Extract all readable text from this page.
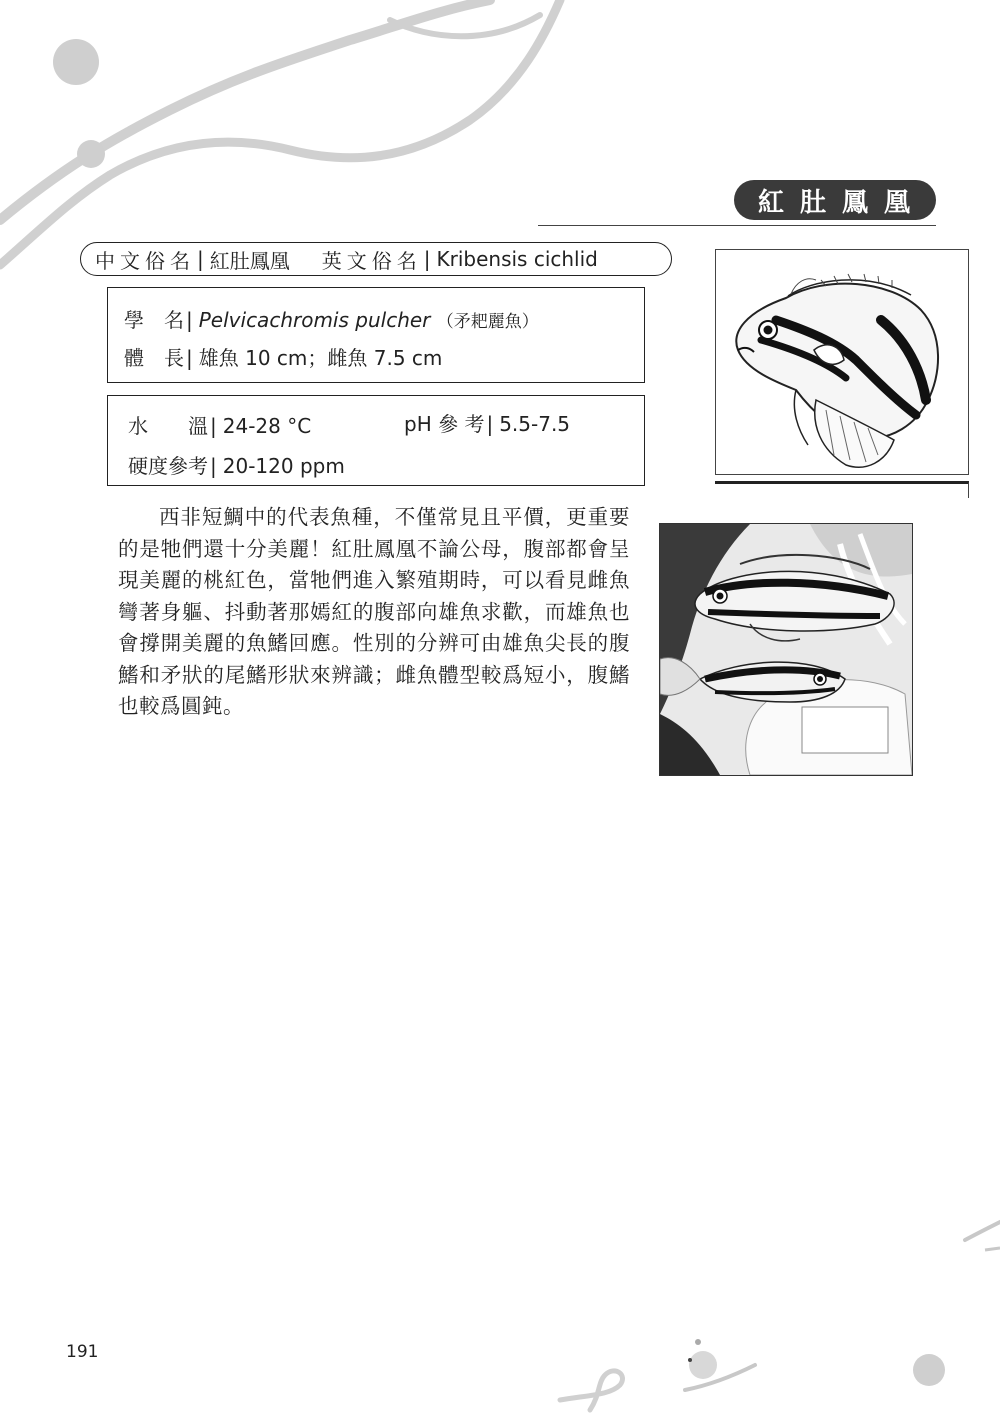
紅肚鳳凰
中文俗名 | 紅肚鳳凰 英文俗名 | Kribensis cichlid
學　名 | Pelvicachromis pulcher （矛耙麗魚）
體　長 | 雄魚 10 cm；雌魚 7.5 cm
水　　溫 | 24-28 °C	pH 參 考 | 5.5-7.5
硬度參考 | 20-120 ppm

西非短鯛中的代表魚種，不僅常見且平價，更重要的是牠們還十分美麗！紅肚鳳凰不論公母，腹部都會呈現美麗的桃紅色，當牠們進入繁殖期時，可以看見雌魚彎著身軀、抖動著那嫣紅的腹部向雄魚求歡，而雄魚也會撐開美麗的魚鰭回應。性別的分辨可由雄魚尖長的腹鰭和矛狀的尾鰭形狀來辨識；雌魚體型較爲短小，腹鰭也較爲圓鈍。

191
